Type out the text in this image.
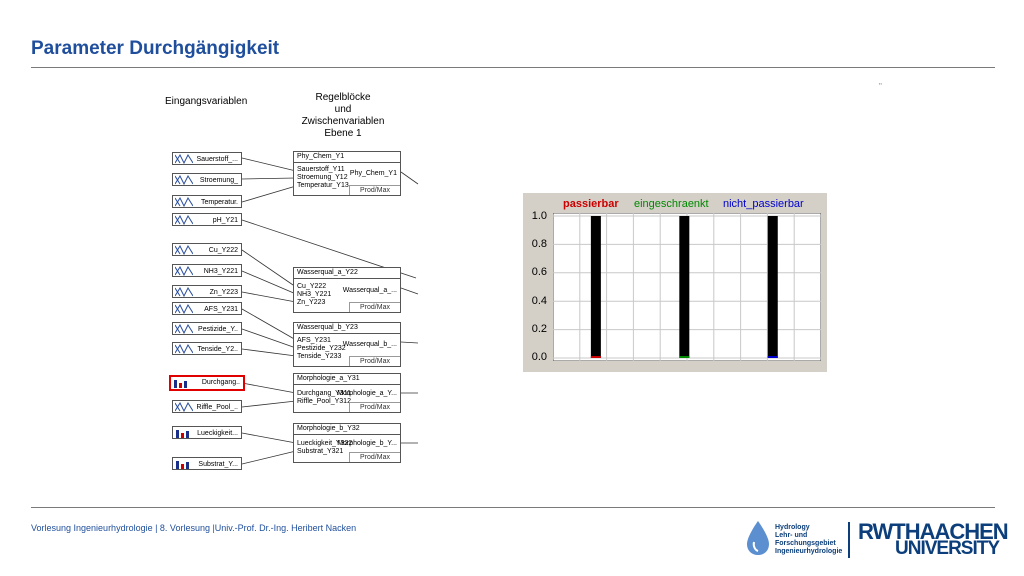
Parameter Durchgängigkeit
Eingangsvariablen	Regelblöcke
und
Zwischenvariablen
Ebene 1
Sauerstoff_...
Stroemung_
Temperatur.
pH_Y21
Cu_Y222
NH3_Y221
Zn_Y223
AFS_Y231
Pestizide_Y..
Tenside_Y2..
Durchgang..
Riffle_Pool_..
Lueckigkeit...
Substrat_Y...
Phy_Chem_Y1
Sauerstoff_Y11
Stroemung_Y12
Temperatur_Y13
Phy_Chem_Y1
Prod/Max
Wasserqual_a_Y22
Cu_Y222
NH3_Y221
Zn_Y223
Wasserqual_a_...
Prod/Max
Wasserqual_b_Y23
AFS_Y231
Pestizide_Y232
Tenside_Y233
Wasserqual_b_...
Prod/Max
Morphologie_a_Y31
Durchgang_Y311
Riffle_Pool_Y312
Morphologie_a_Y...
Prod/Max
Morphologie_b_Y32
Lueckigkeit_Y322
Substrat_Y321
Morphologie_b_Y...
Prod/Max
"
passierbar eingeschraenkt nicht_passierbar
1.0
0.8
0.6
0.4
0.2
0.0
Vorlesung Ingenieurhydrologie | 8. Vorlesung |Univ.-Prof. Dr.-Ing. Heribert Nacken	Hydrology
Lehr- und
Forschungsgebiet
Ingenieurhydrologie
RWTHAACHEN
UNIVERSITY
